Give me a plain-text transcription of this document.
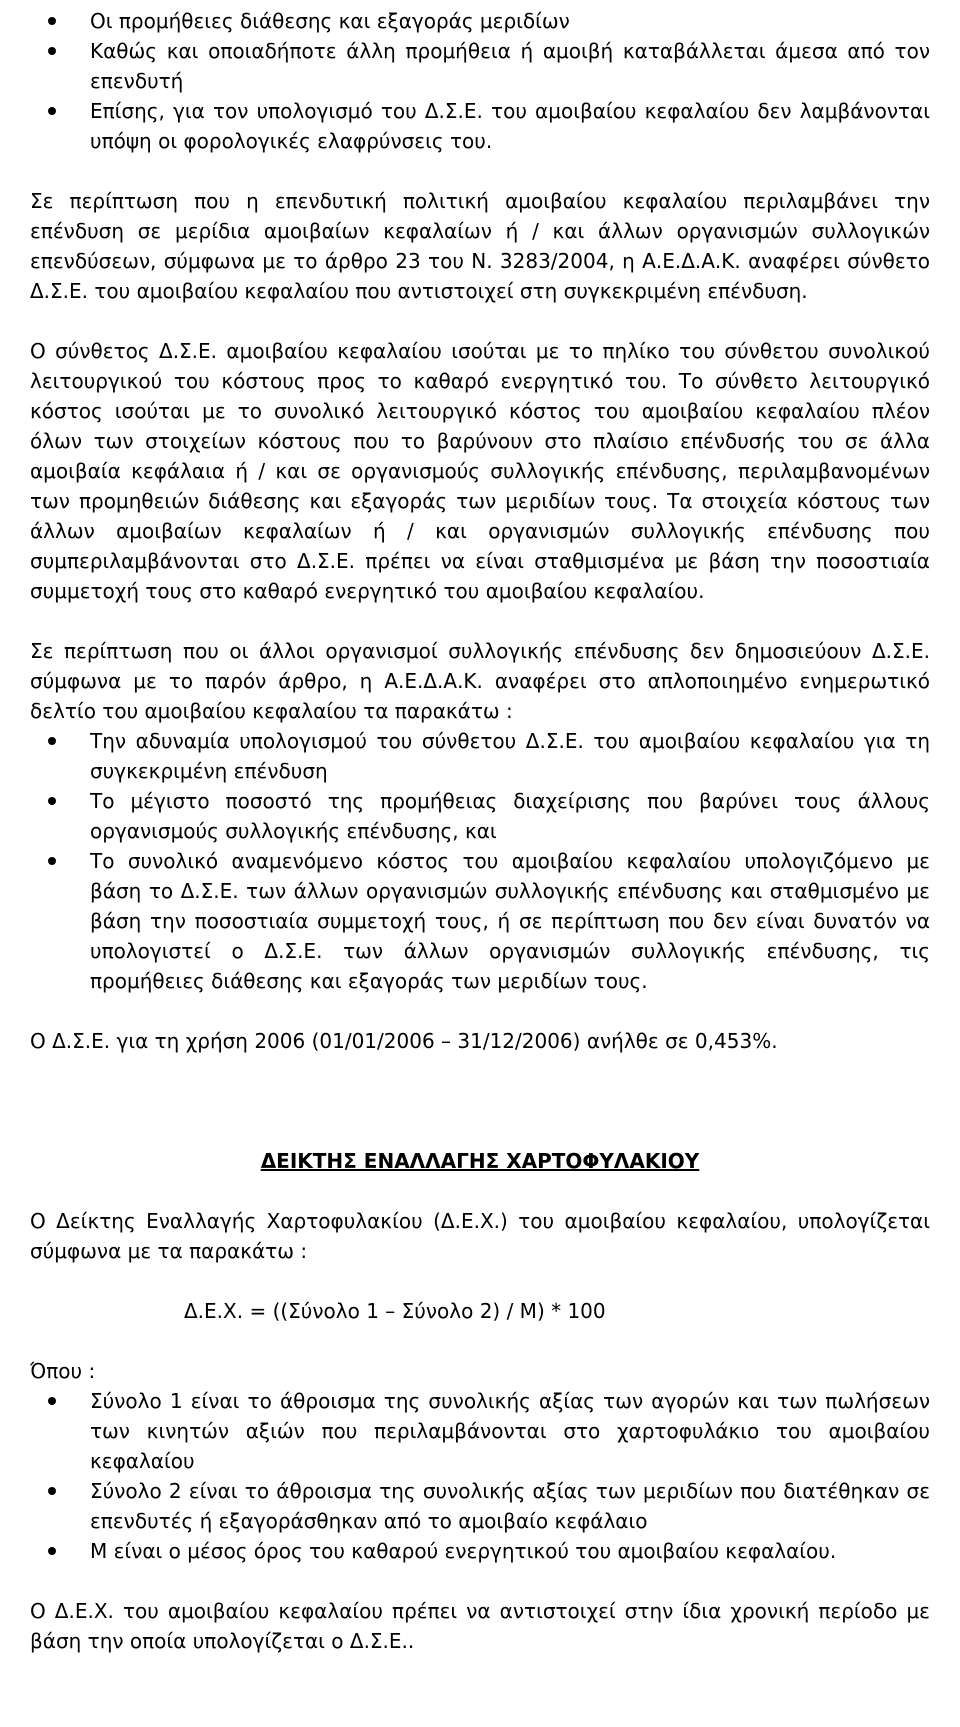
Οι προμήθειες διάθεσης και εξαγοράς μεριδίων
Καθώς και οποιαδήποτε άλλη προμήθεια ή αμοιβή καταβάλλεται άμεσα από τον επενδυτή
Επίσης, για τον υπολογισμό του Δ.Σ.Ε. του αμοιβαίου κεφαλαίου δεν λαμβάνονται υπόψη οι φορολογικές ελαφρύνσεις του.

Σε περίπτωση που η επενδυτική πολιτική αμοιβαίου κεφαλαίου περιλαμβάνει την επένδυση σε μερίδια αμοιβαίων κεφαλαίων ή / και άλλων οργανισμών συλλογικών επενδύσεων, σύμφωνα με το άρθρο 23 του Ν. 3283/2004, η Α.Ε.Δ.Α.Κ. αναφέρει σύνθετο Δ.Σ.Ε. του αμοιβαίου κεφαλαίου που αντιστοιχεί στη συγκεκριμένη επένδυση.

Ο σύνθετος Δ.Σ.Ε. αμοιβαίου κεφαλαίου ισούται με το πηλίκο του σύνθετου συνολικού λειτουργικού του κόστους προς το καθαρό ενεργητικό του. Το σύνθετο λειτουργικό κόστος ισούται με το συνολικό λειτουργικό κόστος του αμοιβαίου κεφαλαίου πλέον όλων των στοιχείων κόστους που το βαρύνουν στο πλαίσιο επένδυσής του σε άλλα αμοιβαία κεφάλαια ή / και σε οργανισμούς συλλογικής επένδυσης, περιλαμβανομένων των προμηθειών διάθεσης και εξαγοράς των μεριδίων τους. Τα στοιχεία κόστους των άλλων αμοιβαίων κεφαλαίων ή / και οργανισμών συλλογικής επένδυσης που συμπεριλαμβάνονται στο Δ.Σ.Ε. πρέπει να είναι σταθμισμένα με βάση την ποσοστιαία συμμετοχή τους στο καθαρό ενεργητικό του αμοιβαίου κεφαλαίου.

Σε περίπτωση που οι άλλοι οργανισμοί συλλογικής επένδυσης δεν δημοσιεύουν Δ.Σ.Ε. σύμφωνα με το παρόν άρθρο, η Α.Ε.Δ.Α.Κ. αναφέρει στο απλοποιημένο ενημερωτικό δελτίο του αμοιβαίου κεφαλαίου τα παρακάτω :

Την αδυναμία υπολογισμού του σύνθετου Δ.Σ.Ε. του αμοιβαίου κεφαλαίου για τη συγκεκριμένη επένδυση
Το μέγιστο ποσοστό της προμήθειας διαχείρισης που βαρύνει τους άλλους οργανισμούς συλλογικής επένδυσης, και
Το συνολικό αναμενόμενο κόστος του αμοιβαίου κεφαλαίου υπολογιζόμενο με βάση το Δ.Σ.Ε. των άλλων οργανισμών συλλογικής επένδυσης και σταθμισμένο με βάση την ποσοστιαία συμμετοχή τους, ή σε περίπτωση που δεν είναι δυνατόν να υπολογιστεί ο Δ.Σ.Ε. των άλλων οργανισμών συλλογικής επένδυσης, τις προμήθειες διάθεσης και εξαγοράς των μεριδίων τους.

Ο Δ.Σ.Ε. για τη χρήση 2006 (01/01/2006 – 31/12/2006) ανήλθε σε 0,453%.

ΔΕΙΚΤΗΣ ΕΝΑΛΛΑΓΗΣ ΧΑΡΤΟΦΥΛΑΚΙΟΥ

Ο Δείκτης Εναλλαγής Χαρτοφυλακίου (Δ.Ε.Χ.) του αμοιβαίου κεφαλαίου, υπολογίζεται σύμφωνα με τα παρακάτω :

Δ.Ε.Χ. = ((Σύνολο 1 – Σύνολο 2) / Μ) * 100

Όπου :

Σύνολο 1 είναι το άθροισμα της συνολικής αξίας των αγορών και των πωλήσεων των κινητών αξιών που περιλαμβάνονται στο χαρτοφυλάκιο του αμοιβαίου κεφαλαίου
Σύνολο 2 είναι το άθροισμα της συνολικής αξίας των μεριδίων που διατέθηκαν σε επενδυτές ή εξαγοράσθηκαν από το αμοιβαίο κεφάλαιο
Μ είναι ο μέσος όρος του καθαρού ενεργητικού του αμοιβαίου κεφαλαίου.

Ο Δ.Ε.Χ. του αμοιβαίου κεφαλαίου πρέπει να αντιστοιχεί στην ίδια χρονική περίοδο με βάση την οποία υπολογίζεται ο Δ.Σ.Ε..
